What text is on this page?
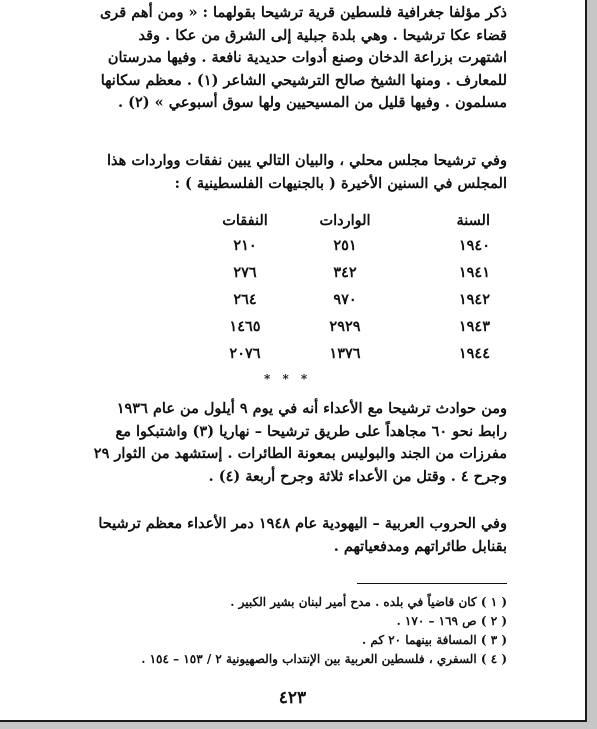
ذكر مؤلفا جغرافية فلسطين قرية ترشيحا بقولهما : « ومن أهم قرى
قضاء عكا ترشيحا . وهي بلدة جبلية إلى الشرق من عكا . وقد
اشتهرت بزراعة الدخان وصنع أدوات حديدية نافعة . وفيها مدرستان
للمعارف . ومنها الشيخ صالح الترشيحي الشاعر (١) . معظم سكانها
مسلمون . وفيها قليل من المسيحيين ولها سوق أسبوعي » (٢) .
وفي ترشيحا مجلس محلي ، والبيان التالي يبين نفقات وواردات هذا
المجلس في السنين الأخيرة ( بالجنيهات الفلسطينية ) :
السنة	الواردات	النفقات
١٩٤٠	٢٥١	٢١٠
١٩٤١	٣٤٢	٢٧٦
١٩٤٢	٩٧٠	٢٦٤
١٩٤٣	٢٩٢٩	١٤٦٥
١٩٤٤	١٣٧٦	٢٠٧٦
* * *
ومن حوادث ترشيحا مع الأعداء أنه في يوم ٩ أيلول من عام ١٩٣٦
رابط نحو ٦٠ مجاهداً على طريق ترشيحا – نهاريا (٣) واشتبكوا مع
مفرزات من الجند والبوليس بمعونة الطائرات . إستشهد من الثوار ٢٩
وجرح ٤ . وقتل من الأعداء ثلاثة وجرح أربعة (٤) .
وفي الحروب العربية – اليهودية عام ١٩٤٨ دمر الأعداء معظم ترشيحا
بقنابل طائراتهم ومدفعياتهم .
( ١ ) كان قاضياً في بلده . مدح أمير لبنان بشير الكبير .
( ٢ ) ص ١٦٩ – ١٧٠ .
( ٣ ) المسافة بينهما ٢٠ كم .
( ٤ ) السفري ، فلسطين العربية بين الإنتداب والصهيونية ٢ / ١٥٣ – ١٥٤ .
٤٢٣
